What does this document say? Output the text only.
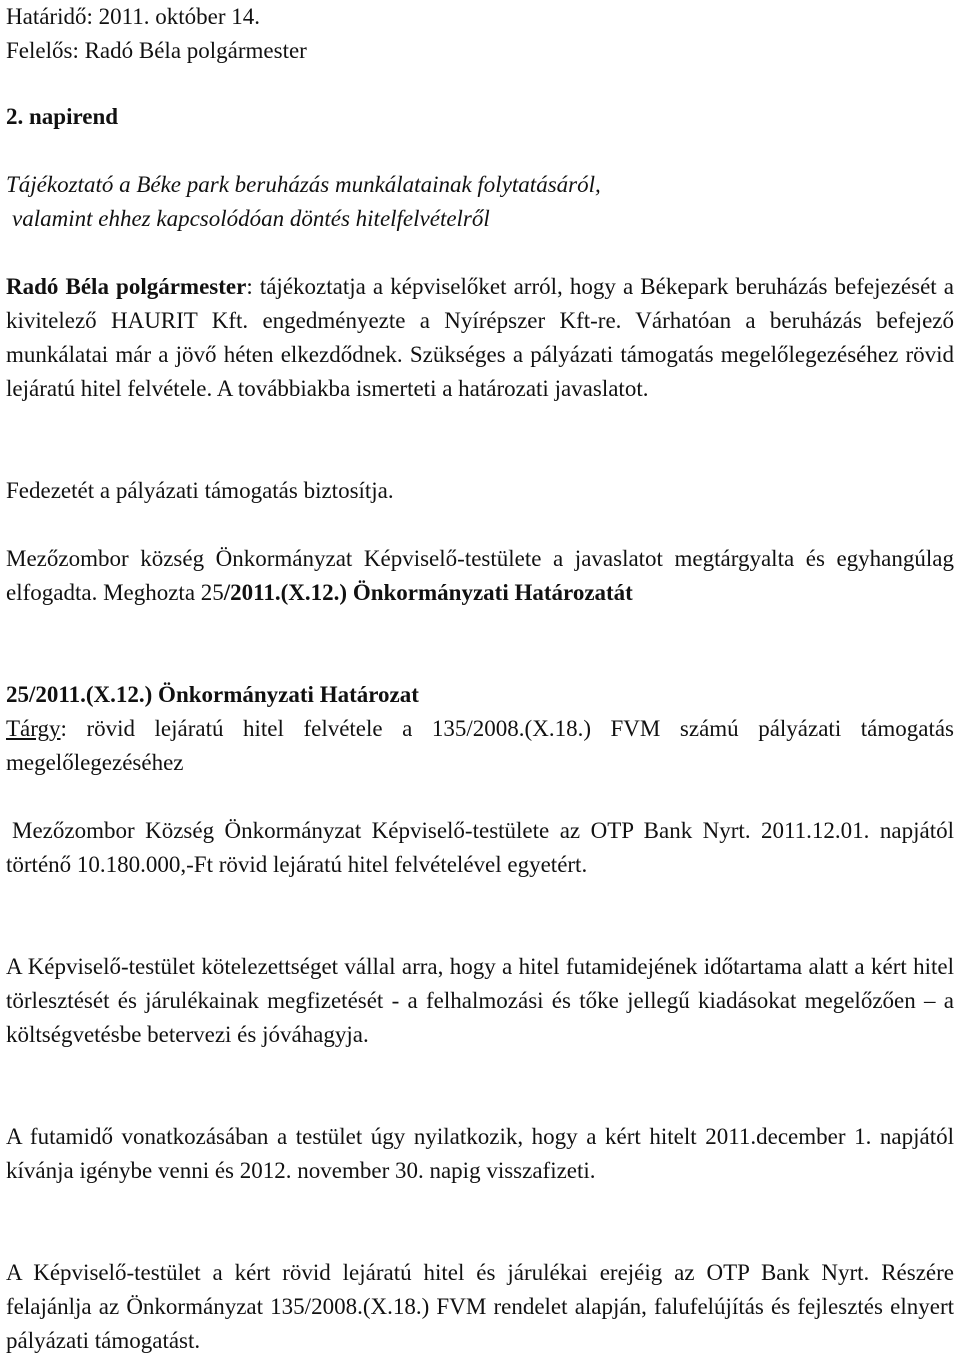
Határidő: 2011. október 14.

Felelős: Radó Béla polgármester

2. napirend

Tájékoztató a Béke park beruházás munkálatainak folytatásáról,

valamint ehhez kapcsolódóan döntés hitelfelvételről

Radó Béla polgármester: tájékoztatja a képviselőket arról, hogy a Békepark beruházás befejezését a kivitelező HAURIT Kft. engedményezte a Nyírépszer Kft-re. Várhatóan a beruházás befejező munkálatai már a jövő héten elkezdődnek. Szükséges a pályázati támogatás megelőlegezéséhez rövid lejáratú hitel felvétele. A továbbiakba ismerteti a határozati javaslatot.

Fedezetét a pályázati támogatás biztosítja.

Mezőzombor község Önkormányzat Képviselő-testülete a javaslatot megtárgyalta és egyhangúlag elfogadta. Meghozta 25/2011.(X.12.) Önkormányzati Határozatát

25/2011.(X.12.) Önkormányzati Határozat

Tárgy: rövid lejáratú hitel felvétele a 135/2008.(X.18.) FVM számú pályázati támogatás megelőlegezéséhez

Mezőzombor Község Önkormányzat Képviselő-testülete az OTP Bank Nyrt. 2011.12.01. napjától történő 10.180.000,-Ft rövid lejáratú hitel felvételével egyetért.

A Képviselő-testület kötelezettséget vállal arra, hogy a hitel futamidejének időtartama alatt a kért hitel törlesztését és járulékainak megfizetését - a felhalmozási és tőke jellegű kiadásokat megelőzően – a költségvetésbe betervezi és jóváhagyja.

A futamidő vonatkozásában a testület úgy nyilatkozik, hogy a kért hitelt 2011.december 1. napjától kívánja igénybe venni és 2012. november 30. napig visszafizeti.

A Képviselő-testület a kért rövid lejáratú hitel és járulékai erejéig az OTP Bank Nyrt. Részére felajánlja az Önkormányzat 135/2008.(X.18.) FVM rendelet alapján, falufelújítás és fejlesztés elnyert pályázati támogatást.
